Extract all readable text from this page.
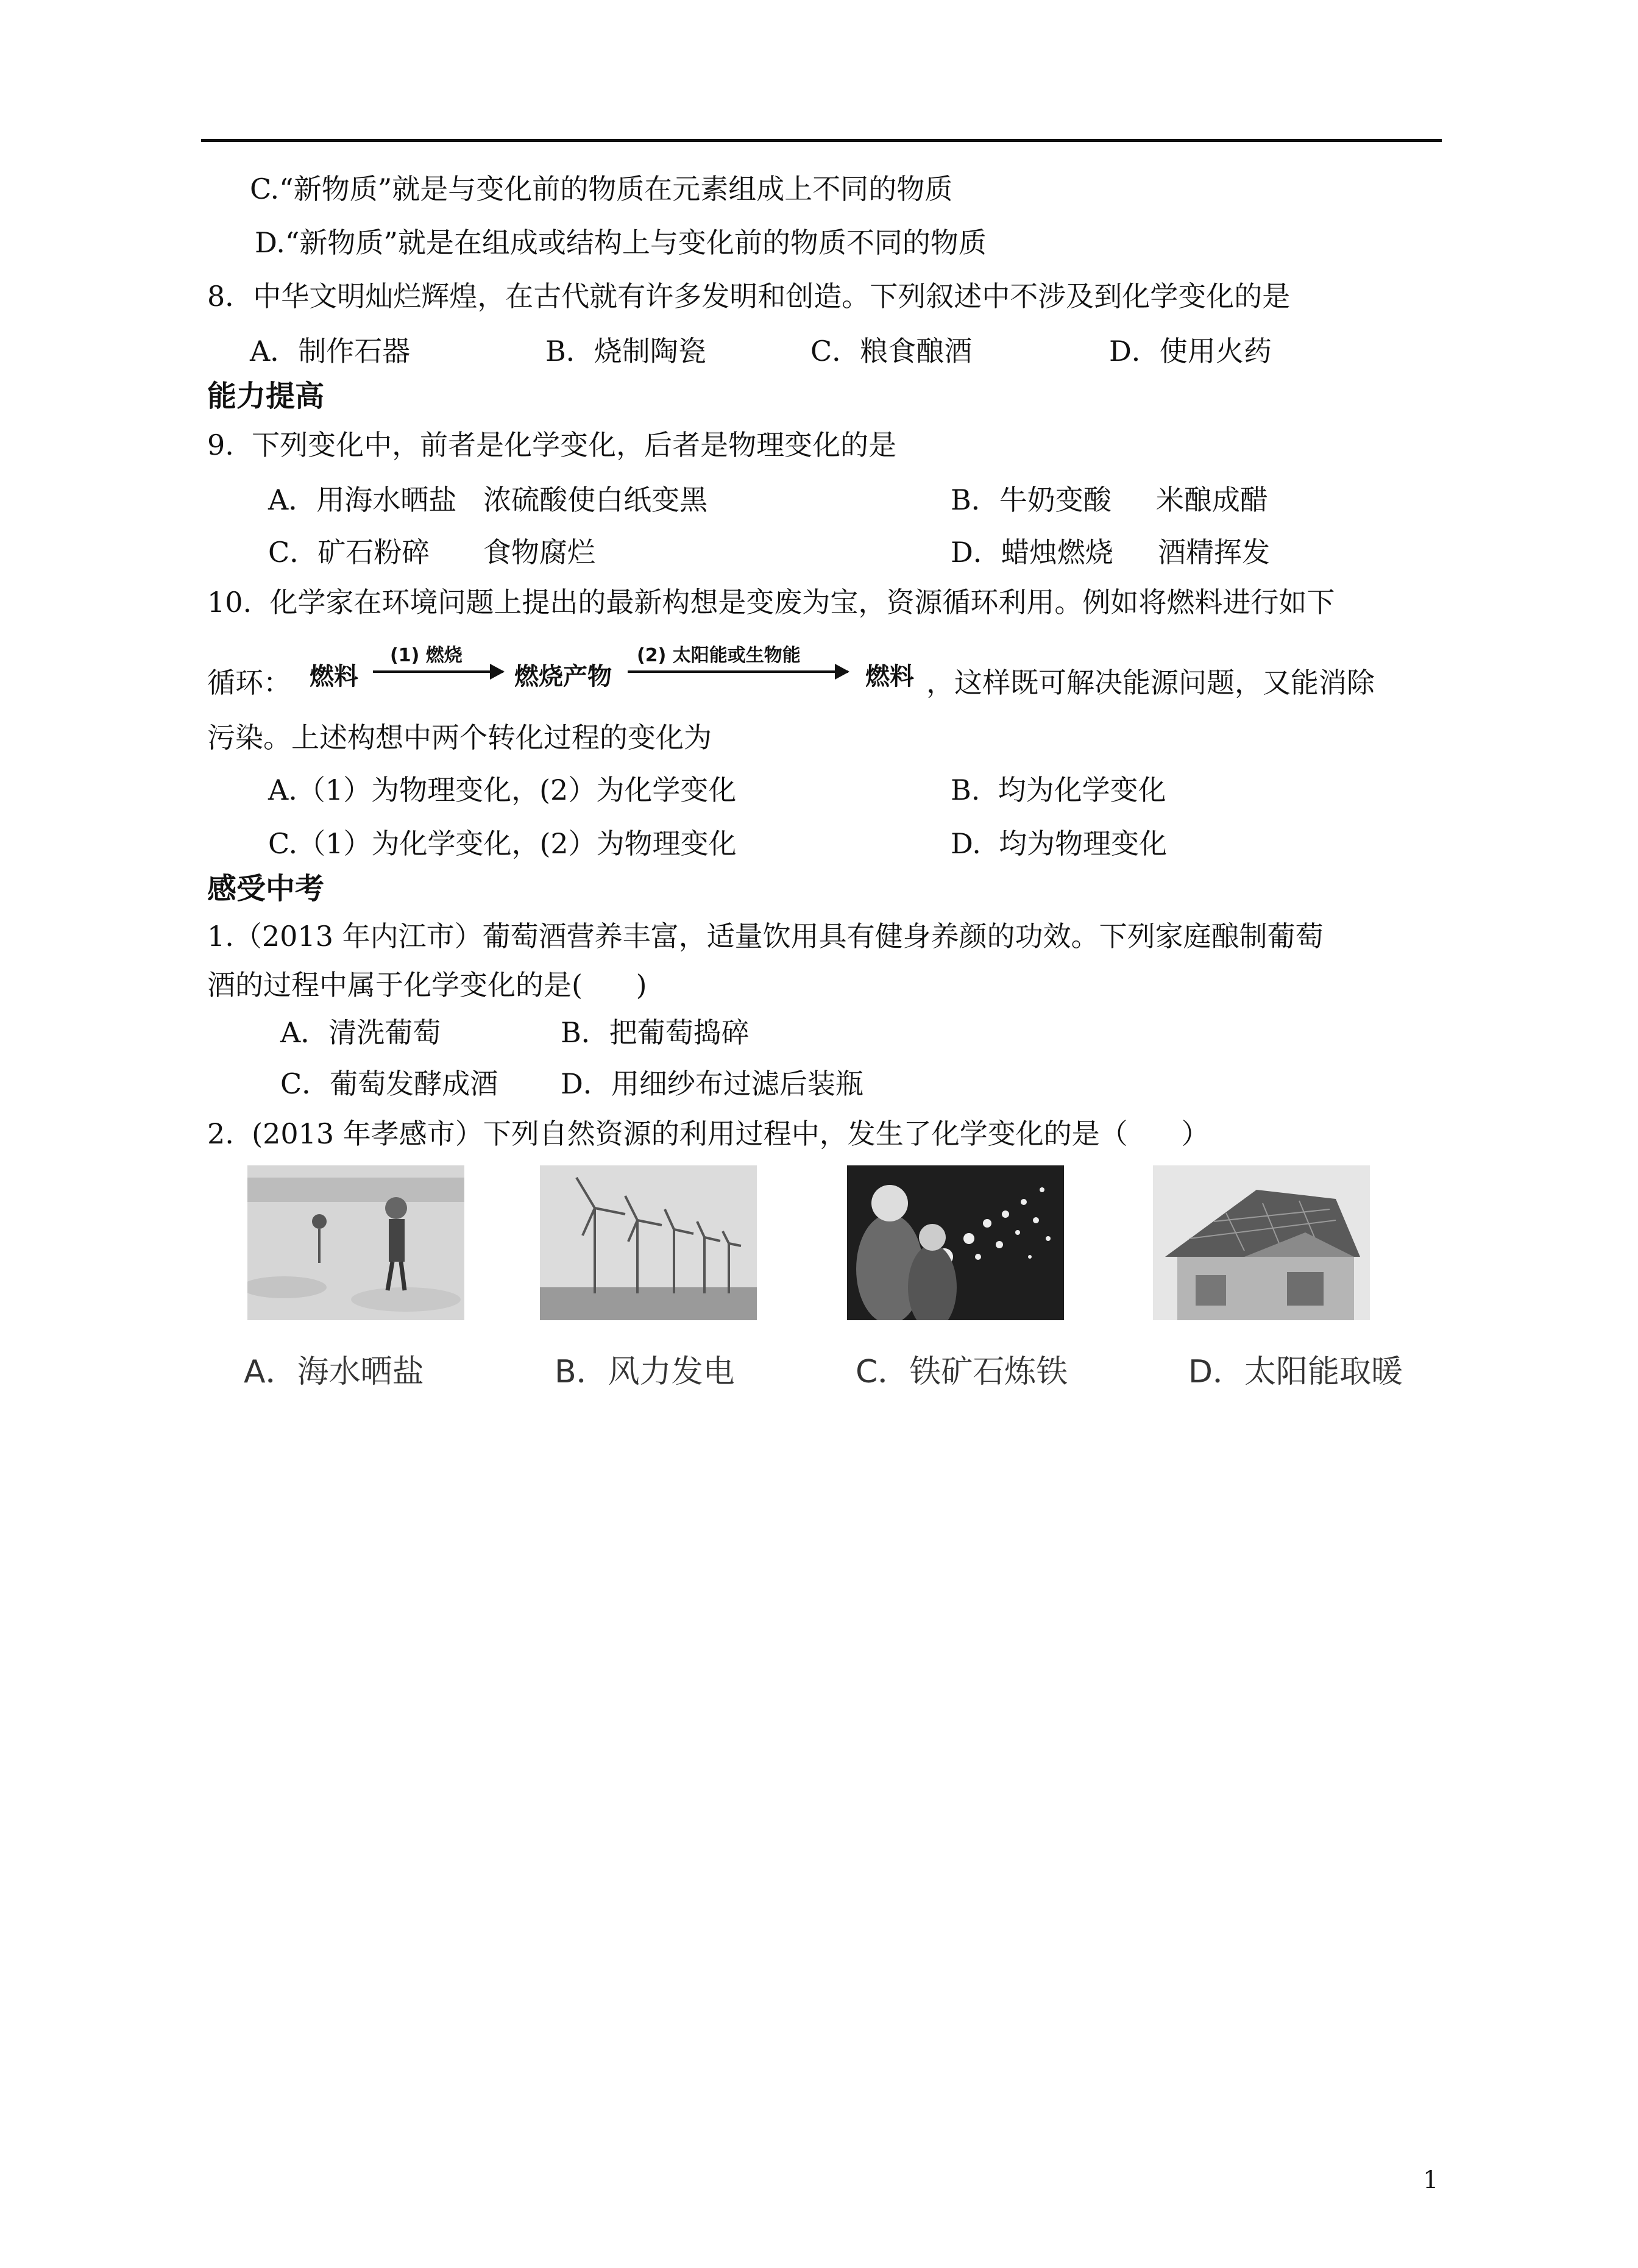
C.“新物质”就是与变化前的物质在元素组成上不同的物质
D.“新物质”就是在组成或结构上与变化前的物质不同的物质
8．中华文明灿烂辉煌，在古代就有许多发明和创造。下列叙述中不涉及到化学变化的是
A．制作石器	B．烧制陶瓷	C．粮食酿酒	D．使用火药
能力提高
9.  下列变化中，前者是化学变化，后者是物理变化的是
A．用海水晒盐   浓硫酸使白纸变黑	B．牛奶变酸     米酿成醋
C．矿石粉碎      食物腐烂	D．蜡烛燃烧     酒精挥发
10.  化学家在环境问题上提出的最新构想是变废为宝，资源循环利用。例如将燃料进行如下
循环： 燃料
(1) 燃烧
燃烧产物
(2) 太阳能或生物能
燃料 ，这样既可解决能源问题，又能消除
污染。上述构想中两个转化过程的变化为
A.（1）为物理变化，(2）为化学变化	B.  均为化学变化
C.（1）为化学变化，(2）为物理变化	D.  均为物理变化
感受中考
1.（2013 年内江市）葡萄酒营养丰富，适量饮用具有健身养颜的功效。下列家庭酿制葡萄
酒的过程中属于化学变化的是(      )
A．清洗葡萄	B．把葡萄捣碎
C．葡萄发酵成酒 D．用细纱布过滤后装瓶
2.  (2013 年孝感市）下列自然资源的利用过程中，发生了化学变化的是（      ）
A．海水晒盐	B．风力发电	C．铁矿石炼铁	D．太阳能取暖
1
